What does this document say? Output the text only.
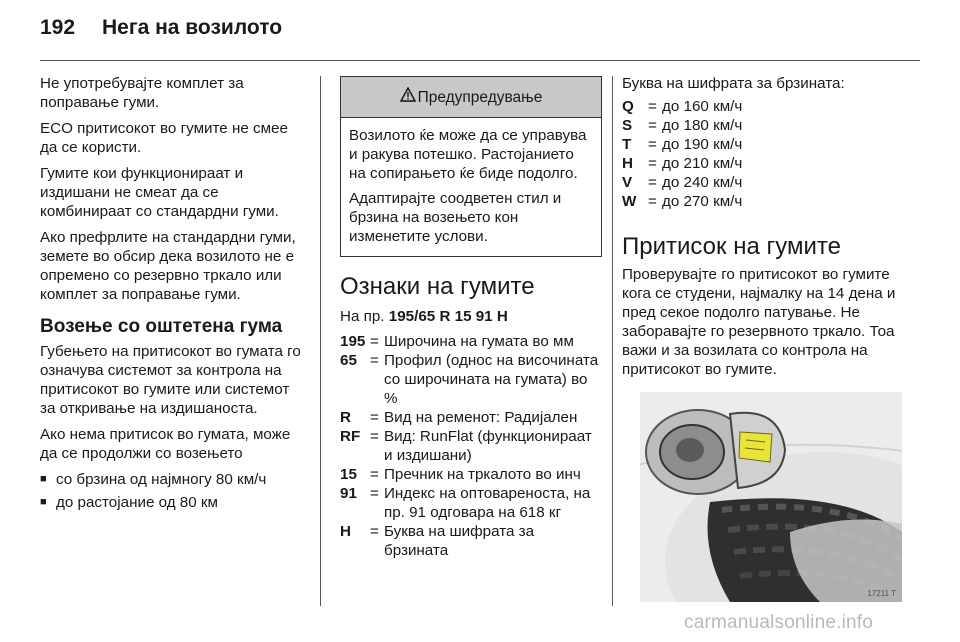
192 Нега на возилото

Не употребувајте комплет за поправање гуми.

ECO притисокот во гумите не смее да се користи.

Гумите кои функционираат и издишани не смеат да се комбинираат со стандардни гуми.

Ако префрлите на стандардни гуми, земете во обсир дека возилото не е опремено со резервно тркало или комплет за поправање гуми.

Возење со оштетена гума

Губењето на притисокот во гумата го означува системот за контрола на притисокот во гумите или системот за откривање на издишаноста.

Ако нема притисок во гумата, може да се продолжи со возењето

■ со брзина од најмногу 80 км/ч
■ до растојание од 80 км
Предупредување

Возилото ќе може да се управува и ракува потешко. Растојанието на сопирањето ќе биде подолго.

Адаптирајте соодветен стил и брзина на возењето кон изменетите услови.

Ознаки на гумите

На пр. 195/65 R 15 91 H

195 = Широчина на гумата во мм
65 = Профил (однос на височината со широчината на гумата) во %
R	= Вид на ременот: Радијален
RF = Вид: RunFlat (функционираат и издишани)
15 = Пречник на тркалото во инч
91 = Индекс на оптовареноста, на пр. 91 одговара на 618 кг
H	= Буква на шифрата за брзината

Буква на шифрата за брзината:

Q = до 160 км/ч
S	= до 180 км/ч
T	= до 190 км/ч
H = до 210 км/ч
V	= до 240 км/ч
W = до 270 км/ч
Притисок на гумите

Проверувајте го притисокот во гумите кога се студени, најмалку на 14 дена и пред секое подолго патување. Не заборавајте го резервното тркало. Тоа важи и за возилата со контрола на притисокот во гумите.

17211 T
carmanualsonline.info
